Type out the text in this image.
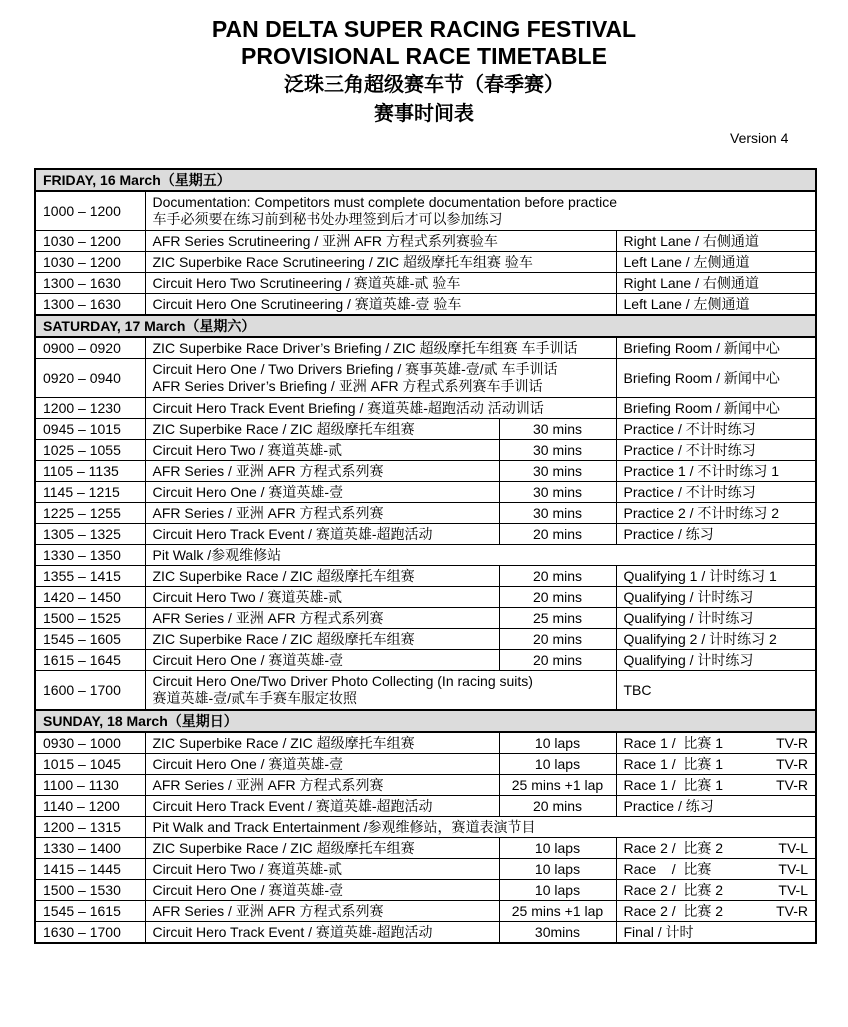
PAN DELTA SUPER RACING FESTIVAL
PROVISIONAL RACE TIMETABLE
泛珠三角超级赛车节（春季赛）
赛事时间表
Version 4
FRIDAY, 16 March（星期五）			
1000 – 1200	Documentation: Competitors must complete documentation before practice
车手必须要在练习前到秘书处办理签到后才可以参加练习		

1030 – 1200	AFR Series Scrutineering / 亚洲 AFR 方程式系列赛验车		Right Lane / 右侧通道
1030 – 1200	ZIC Superbike Race Scrutineering / ZIC 超级摩托车组赛 验车		Left Lane / 左侧通道
1300 – 1630	Circuit Hero Two Scrutineering / 赛道英雄-贰 验车		Right Lane / 右侧通道
1300 – 1630	Circuit Hero One Scrutineering / 赛道英雄-壹 验车		Left Lane / 左侧通道
SATURDAY, 17 March（星期六）			
0900 – 0920	ZIC Superbike Race Driver’s Briefing / ZIC 超级摩托车组赛 车手训话		Briefing Room / 新闻中心
0920 – 0940	Circuit Hero One / Two Drivers Briefing / 赛事英雄-壹/贰 车手训话
AFR Series Driver’s Briefing / 亚洲 AFR 方程式系列赛车手训话		Briefing Room / 新闻中心
1200 – 1230	Circuit Hero Track Event Briefing / 赛道英雄-超跑活动 活动训话		Briefing Room / 新闻中心
0945 – 1015	ZIC Superbike Race / ZIC 超级摩托车组赛	30 mins	Practice / 不计时练习

1025 – 1055	Circuit Hero Two / 赛道英雄-贰	30 mins	Practice / 不计时练习

1105 – 1135	AFR Series / 亚洲 AFR 方程式系列赛	30 mins	Practice 1 / 不计时练习 1

1145 – 1215	Circuit Hero One / 赛道英雄-壹	30 mins	Practice / 不计时练习

1225 – 1255	AFR Series / 亚洲 AFR 方程式系列赛	30 mins	Practice 2 / 不计时练习 2

1305 – 1325	Circuit Hero Track Event / 赛道英雄-超跑活动	20 mins	Practice / 练习

1330 – 1350	Pit Walk /参观维修站		

1355 – 1415	ZIC Superbike Race / ZIC 超级摩托车组赛	20 mins	Qualifying 1 / 计时练习 1

1420 – 1450	Circuit Hero Two / 赛道英雄-贰	20 mins	Qualifying / 计时练习

1500 – 1525	AFR Series / 亚洲 AFR 方程式系列赛	25 mins	Qualifying / 计时练习

1545 – 1605	ZIC Superbike Race / ZIC 超级摩托车组赛	20 mins	Qualifying 2 / 计时练习 2

1615 – 1645	Circuit Hero One / 赛道英雄-壹	20 mins	Qualifying / 计时练习

1600 – 1700	Circuit Hero One/Two Driver Photo Collecting (In racing suits)
赛道英雄-壹/贰车手赛车服定妆照		TBC
SUNDAY, 18 March（星期日）			
0930 – 1000	ZIC Superbike Race / ZIC 超级摩托车组赛	10 laps	Race 1 /  比赛 1 TV-R

1015 – 1045	Circuit Hero One / 赛道英雄-壹	10 laps	Race 1 /  比赛 1 TV-R

1100 – 1130	AFR Series / 亚洲 AFR 方程式系列赛	25 mins +1 lap	Race 1 /  比赛 1 TV-R

1140 – 1200	Circuit Hero Track Event / 赛道英雄-超跑活动	20 mins	Practice / 练习

1200 – 1315	Pit Walk and Track Entertainment /参观维修站，赛道表演节目		

1330 – 1400	ZIC Superbike Race / ZIC 超级摩托车组赛	10 laps	Race 2 /  比赛 2 TV-L

1415 – 1445	Circuit Hero Two / 赛道英雄-贰	10 laps	Race    /  比赛 TV-L

1500 – 1530	Circuit Hero One / 赛道英雄-壹	10 laps	Race 2 /  比赛 2 TV-L

1545 – 1615	AFR Series / 亚洲 AFR 方程式系列赛	25 mins +1 lap	Race 2 /  比赛 2 TV-R

1630 – 1700	Circuit Hero Track Event / 赛道英雄-超跑活动	30mins	Final / 计时
